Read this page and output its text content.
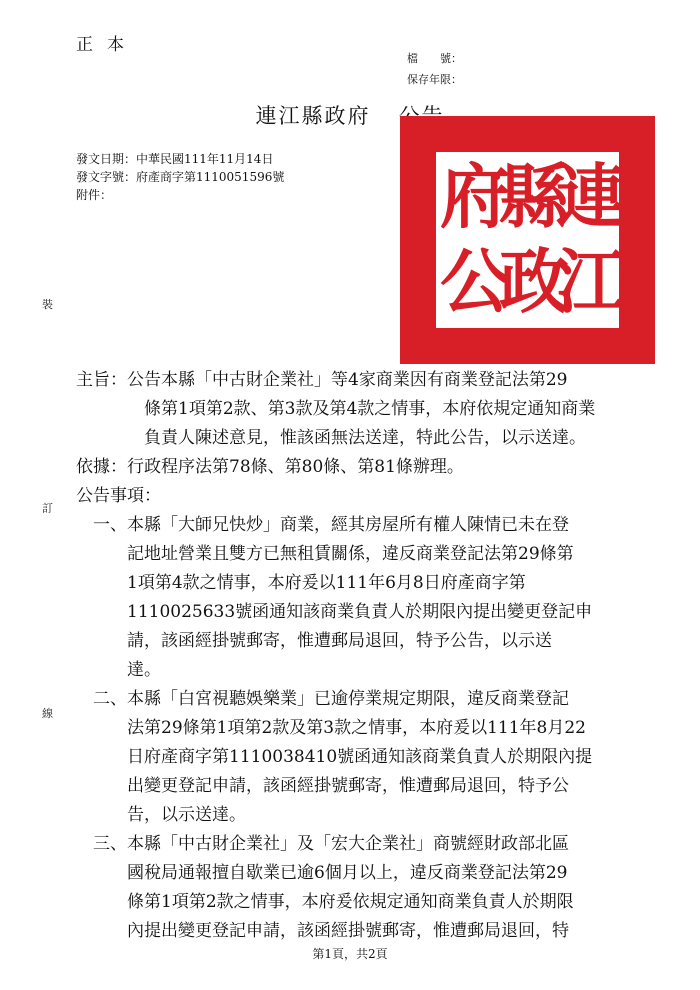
正本
檔　　號：
保存年限：
連江縣政府
發文日期：中華民國111年11月14日
發文字號：府產商字第1110051596號
附件：	連
縣
府
江
政
公
裝
訂
線
主旨：公告本縣「中古財企業社」等4家商業因有商業登記法第29
條第1項第2款、第3款及第4款之情事，本府依規定通知商業
負責人陳述意見，惟該函無法送達，特此公告，以示送達。
依據：行政程序法第78條、第80條、第81條辦理。
公告事項：
一、本縣「大師兄快炒」商業，經其房屋所有權人陳情已未在登
記地址營業且雙方已無租賃關係，違反商業登記法第29條第
1項第4款之情事，本府爰以111年6月8日府產商字第
1110025633號函通知該商業負責人於期限內提出變更登記申
請，該函經掛號郵寄，惟遭郵局退回，特予公告，以示送
達。
二、本縣「白宮視聽娛樂業」已逾停業規定期限，違反商業登記
法第29條第1項第2款及第3款之情事，本府爰以111年8月22
日府產商字第1110038410號函通知該商業負責人於期限內提
出變更登記申請，該函經掛號郵寄，惟遭郵局退回，特予公
告，以示送達。
三、本縣「中古財企業社」及「宏大企業社」商號經財政部北區
國稅局通報擅自歇業已逾6個月以上，違反商業登記法第29
條第1項第2款之情事，本府爰依規定通知商業負責人於期限
內提出變更登記申請，該函經掛號郵寄，惟遭郵局退回，特
第1頁，共2頁
